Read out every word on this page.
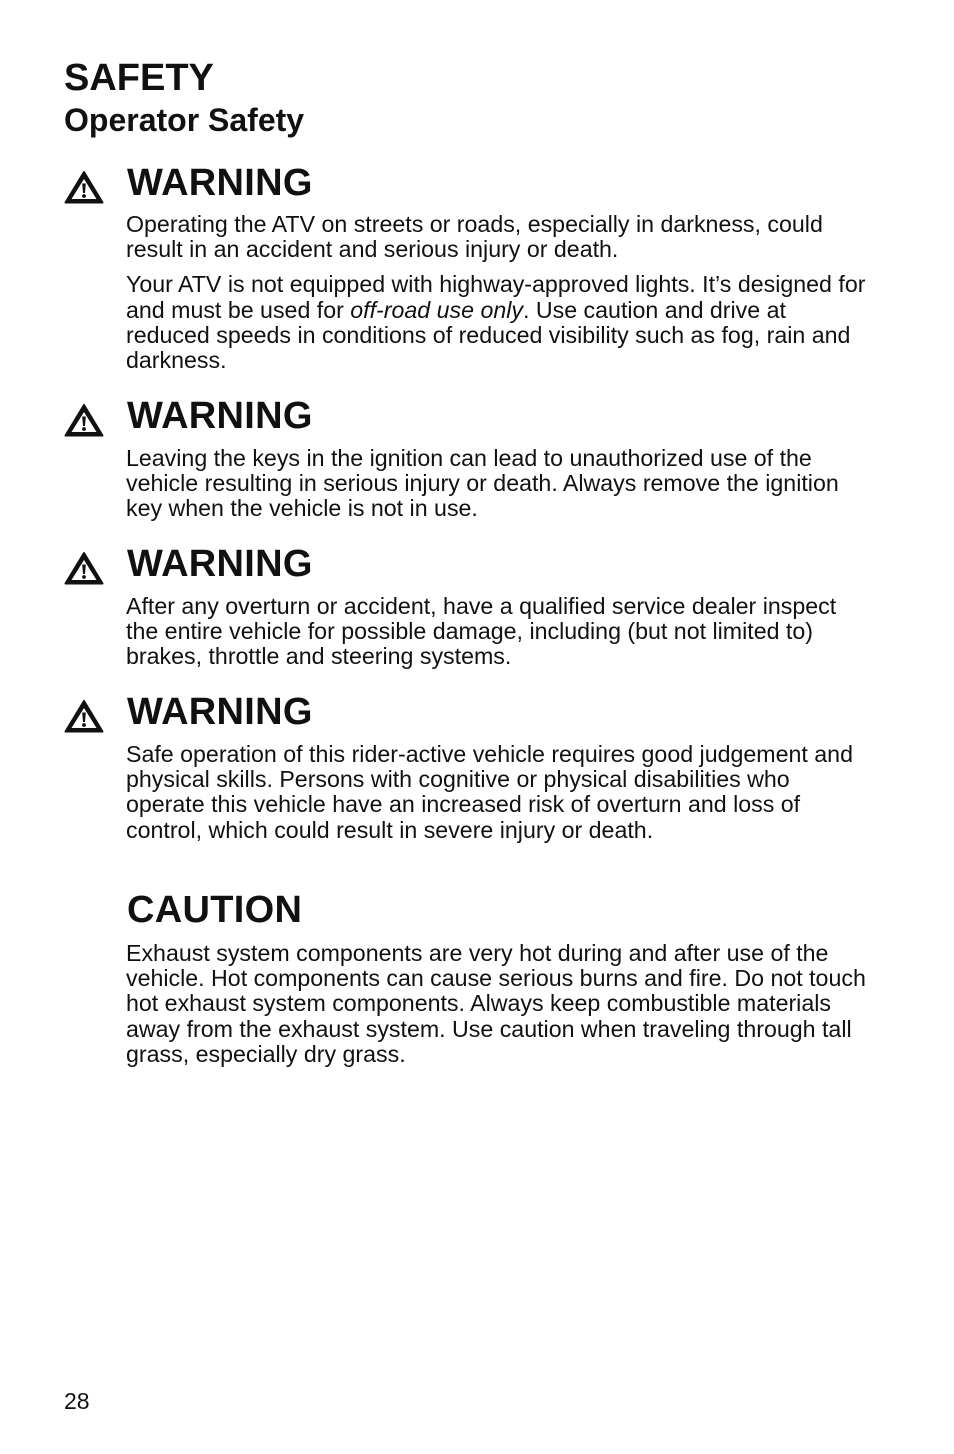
SAFETY
Operator Safety
WARNING

Operating the ATV on streets or roads, especially in darkness, could result in an accident and serious injury or death.

Your ATV is not equipped with highway-approved lights. It’s designed for and must be used for off-road use only. Use caution and drive at reduced speeds in conditions of reduced visibility such as fog, rain and darkness.

WARNING

Leaving the keys in the ignition can lead to unauthorized use of the vehicle resulting in serious injury or death. Always remove the ignition key when the vehicle is not in use.

WARNING

After any overturn or accident, have a qualified service dealer inspect the entire vehicle for possible damage, including (but not limited to) brakes, throttle and steering systems.

WARNING

Safe operation of this rider-active vehicle requires good judgement and physical skills. Persons with cognitive or physical disabilities who operate this vehicle have an increased risk of overturn and loss of control, which could result in severe injury or death.

CAUTION

Exhaust system components are very hot during and after use of the vehicle. Hot components can cause serious burns and fire. Do not touch hot exhaust system components. Always keep combustible materials away from the exhaust system. Use caution when traveling through tall grass, especially dry grass.

28
